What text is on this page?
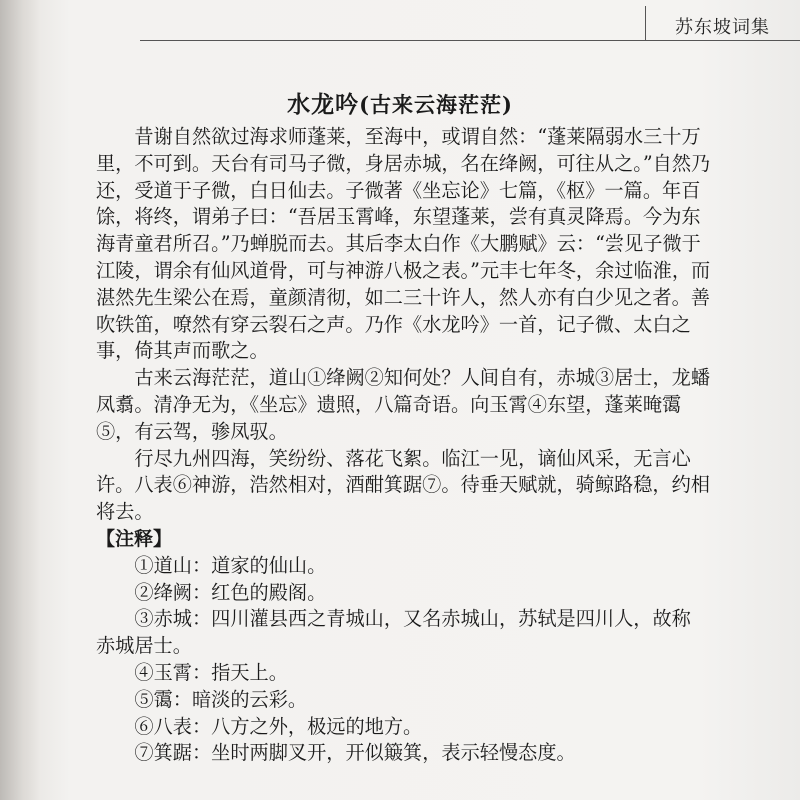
苏东坡词集
水龙吟(古来云海茫茫)

昔谢自然欲过海求师蓬莱，至海中，或谓自然：“蓬莱隔弱水三十万里，不可到。天台有司马子微，身居赤城，名在绛阙，可往从之。”自然乃还，受道于子微，白日仙去。子微著《坐忘论》七篇，《枢》一篇。年百馀，将终，谓弟子曰：“吾居玉霄峰，东望蓬莱，尝有真灵降焉。今为东海青童君所召。”乃蝉脱而去。其后李太白作《大鹏赋》云：“尝见子微于江陵，谓余有仙风道骨，可与神游八极之表。”元丰七年冬，余过临淮，而湛然先生梁公在焉，童颜清彻，如二三十许人，然人亦有白少见之者。善吹铁笛，嘹然有穿云裂石之声。乃作《水龙吟》一首，记子微、太白之事，倚其声而歌之。

古来云海茫茫，道山①绛阙②知何处？人间自有，赤城③居士，龙蟠凤翥。清净无为，《坐忘》遗照，八篇奇语。向玉霄④东望，蓬莱晻霭⑤，有云驾，骖凤驭。

行尽九州四海，笑纷纷、落花飞絮。临江一见，谪仙风采，无言心许。八表⑥神游，浩然相对，酒酣箕踞⑦。待垂天赋就，骑鲸路稳，约相将去。

【注释】

①道山：道家的仙山。

②绛阙：红色的殿阁。

③赤城：四川灌县西之青城山，又名赤城山，苏轼是四川人，故称

赤城居士。

④玉霄：指天上。

⑤霭：暗淡的云彩。

⑥八表：八方之外，极远的地方。

⑦箕踞：坐时两脚叉开，开似簸箕，表示轻慢态度。
